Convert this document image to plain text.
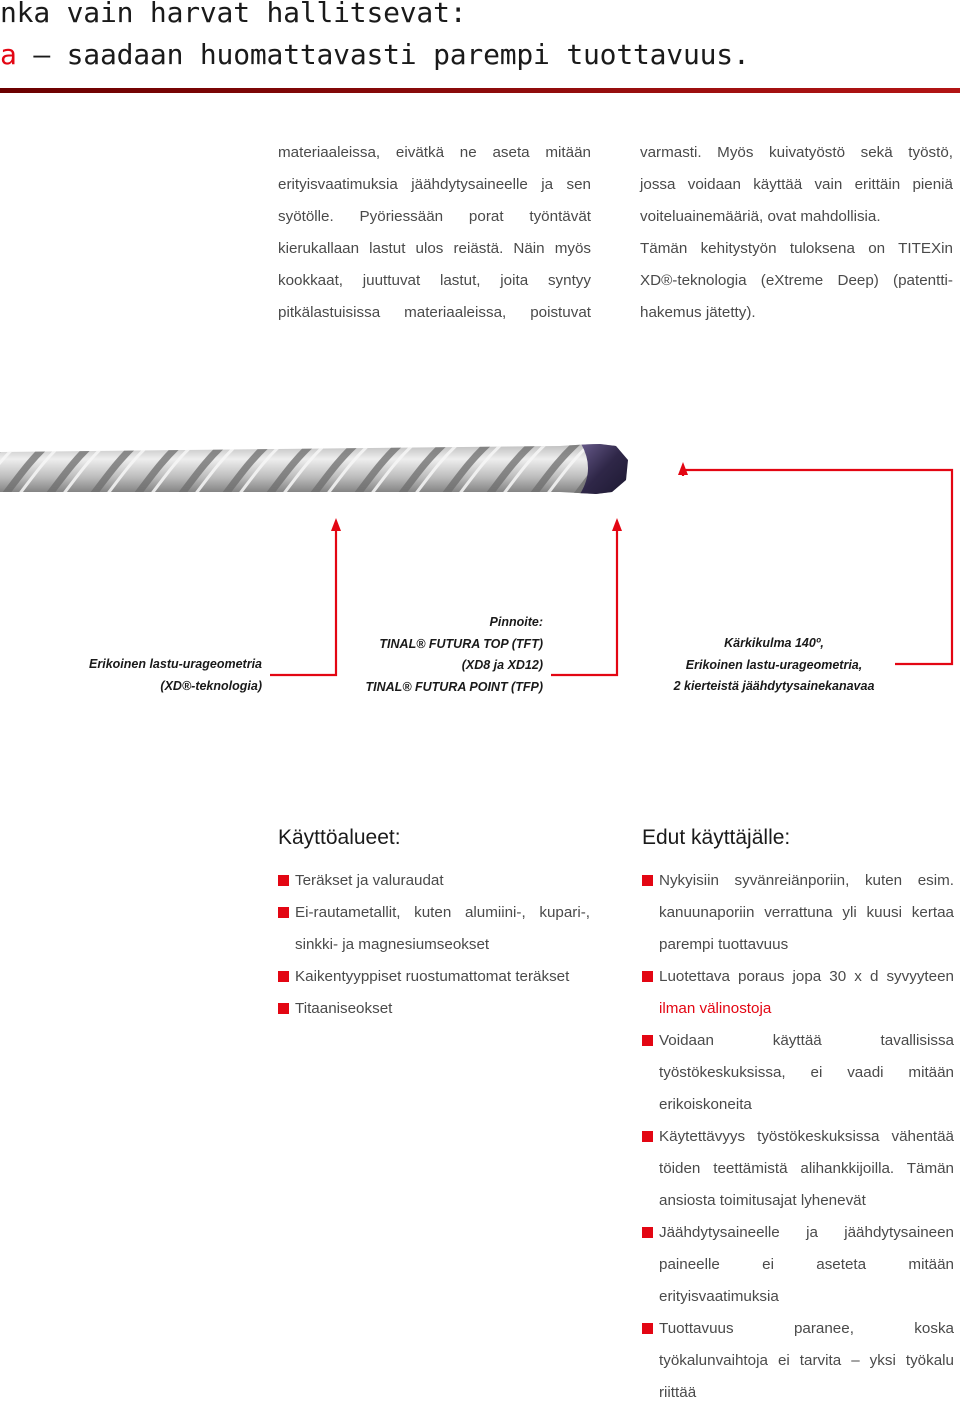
nka vain harvat hallitsevat:
a – saadaan huomattavasti parempi tuottavuus.

materiaaleissa, eivätkä ne aseta mitään

erityisvaatimuksia jäähdytysaineelle ja sen

syötölle. Pyöriessään porat työntävät

kierukallaan lastut ulos reiästä. Näin myös

kookkaat, juuttuvat lastut, joita syntyy

pitkälastuisissa materiaaleissa, poistuvat

varmasti. Myös kuivatyöstö sekä työstö,

jossa voidaan käyttää vain erittäin pieniä

voiteluainemääriä, ovat mahdollisia.

Tämän kehitystyön tuloksena on TITEXin

XD®-teknologia (eXtreme Deep) (patentti-

hakemus jätetty).

Erikoinen lastu-urageometria
(XD®-teknologia)
Pinnoite:
TINAL® FUTURA TOP (TFT)
(XD8 ja XD12)
TINAL® FUTURA POINT (TFP)
Kärkikulma 140º,
Erikoinen lastu-urageometria,
2 kierteistä jäähdytysainekanavaa
Käyttöalueet:
Teräkset ja valuraudat
Ei-rautametallit, kuten alumiini-, kupari-, sinkki- ja magnesiumseokset
Kaikentyyppiset ruostumattomat teräkset
Titaaniseokset
Edut käyttäjälle:
Nykyisiin syvänreiänporiin, kuten esim. kanuunaporiin verrattuna yli kuusi kertaa parempi tuottavuus
Luotettava poraus jopa 30 x d syvyyteen ilman välinostoja
Voidaan käyttää tavallisissa työstökeskuksissa, ei vaadi mitään erikoiskoneita
Käytettävyys työstökeskuksissa vähentää töiden teettämistä alihankkijoilla. Tämän ansiosta toimitusajat lyhenevät
Jäähdytysaineelle ja jäähdytysaineen paineelle ei aseteta mitään erityisvaatimuksia
Tuottavuus paranee, koska työkalunvaihtoja ei tarvita – yksi työkalu riittää
